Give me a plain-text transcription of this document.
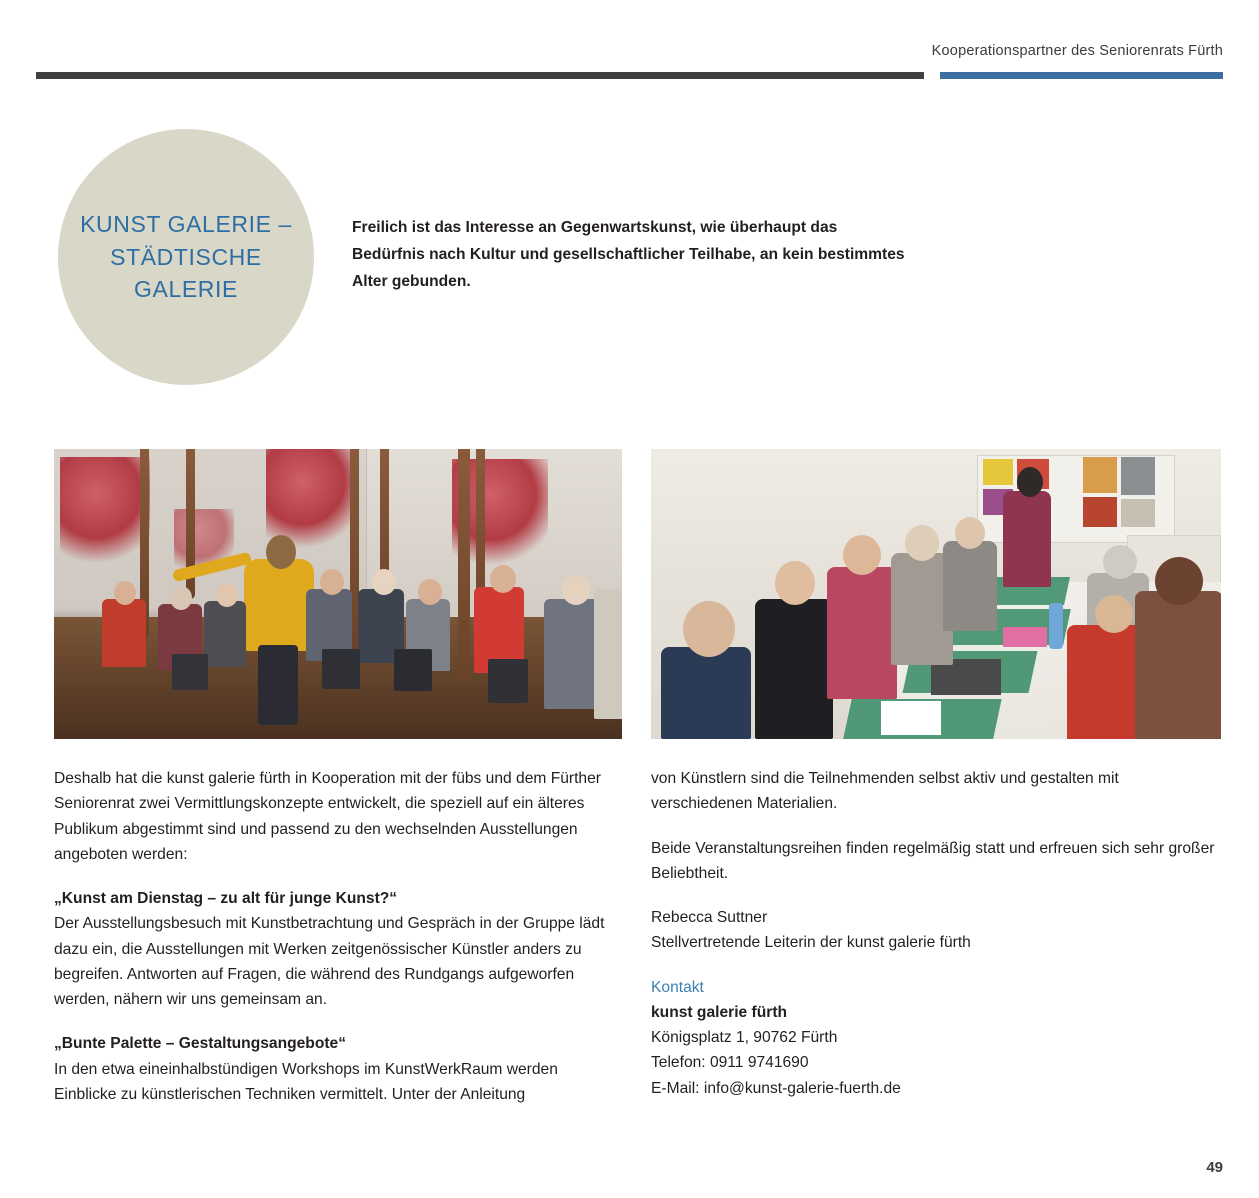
Kooperationspartner des Seniorenrats Fürth
KUNST GALERIE – STÄDTISCHE GALERIE
Freilich ist das Interesse an Gegenwartskunst, wie überhaupt das Bedürfnis nach Kultur und gesellschaftlicher Teilhabe, an kein bestimmtes Alter gebunden.

Deshalb hat die kunst galerie fürth in Kooperation mit der fübs und dem Fürther Seniorenrat zwei Vermittlungskonzepte entwickelt, die speziell auf ein älteres Publikum abgestimmt sind und passend zu den wechselnden Ausstellungen angeboten werden:

„Kunst am Dienstag – zu alt für junge Kunst?“

Der Ausstellungsbesuch mit Kunstbetrachtung und Gespräch in der Gruppe lädt dazu ein, die Ausstellungen mit Werken zeitgenössischer Künstler anders zu begreifen. Antworten auf Fragen, die während des Rundgangs aufgeworfen werden, nähern wir uns gemeinsam an.

„Bunte Palette – Gestaltungsangebote“

In den etwa eineinhalbstündigen Workshops im KunstWerkRaum werden Einblicke zu künstlerischen Techniken vermittelt. Unter der Anleitung

von Künstlern sind die Teilnehmenden selbst aktiv und gestalten mit verschiedenen Materialien.

Beide Veranstaltungsreihen finden regelmäßig statt und erfreuen sich sehr großer Beliebtheit.

Rebecca Suttner

Stellvertretende Leiterin der kunst galerie fürth

Kontakt

kunst galerie fürth

Königsplatz 1, 90762 Fürth

Telefon: 0911 9741690

E-Mail: info@kunst-galerie-fuerth.de

49
